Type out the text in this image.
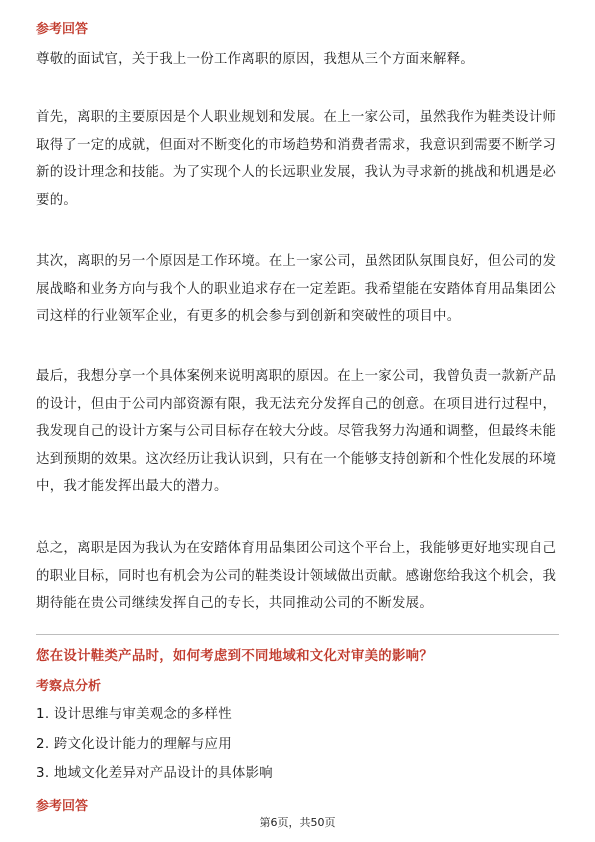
参考回答

尊敬的面试官，关于我上一份工作离职的原因，我想从三个方面来解释。

首先，离职的主要原因是个人职业规划和发展。在上一家公司，虽然我作为鞋类设计师取得了一定的成就，但面对不断变化的市场趋势和消费者需求，我意识到需要不断学习新的设计理念和技能。为了实现个人的长远职业发展，我认为寻求新的挑战和机遇是必要的。

其次，离职的另一个原因是工作环境。在上一家公司，虽然团队氛围良好，但公司的发展战略和业务方向与我个人的职业追求存在一定差距。我希望能在安踏体育用品集团公司这样的行业领军企业，有更多的机会参与到创新和突破性的项目中。

最后，我想分享一个具体案例来说明离职的原因。在上一家公司，我曾负责一款新产品的设计，但由于公司内部资源有限，我无法充分发挥自己的创意。在项目进行过程中，我发现自己的设计方案与公司目标存在较大分歧。尽管我努力沟通和调整，但最终未能达到预期的效果。这次经历让我认识到，只有在一个能够支持创新和个性化发展的环境中，我才能发挥出最大的潜力。

总之，离职是因为我认为在安踏体育用品集团公司这个平台上，我能够更好地实现自己的职业目标，同时也有机会为公司的鞋类设计领域做出贡献。感谢您给我这个机会，我期待能在贵公司继续发挥自己的专长，共同推动公司的不断发展。

您在设计鞋类产品时，如何考虑到不同地域和文化对审美的影响？
考察点分析
1. 设计思维与审美观念的多样性
2. 跨文化设计能力的理解与应用
3. 地域文化差异对产品设计的具体影响
参考回答
第6页，共50页
